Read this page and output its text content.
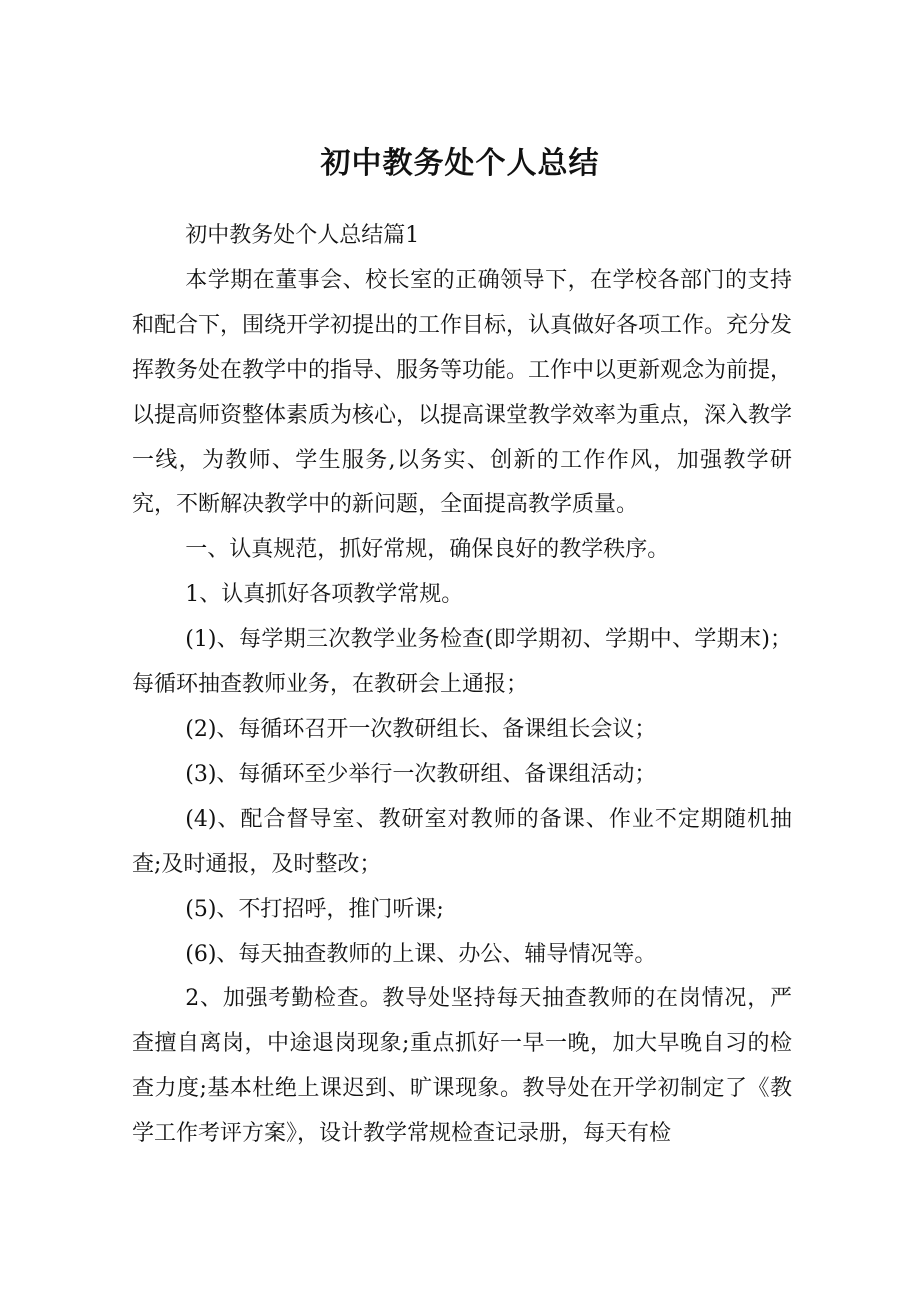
初中教务处个人总结

初中教务处个人总结篇1

本学期在董事会、校长室的正确领导下，在学校各部门的支持和配合下，围绕开学初提出的工作目标，认真做好各项工作。充分发挥教务处在教学中的指导、服务等功能。工作中以更新观念为前提，以提高师资整体素质为核心，以提高课堂教学效率为重点，深入教学一线，为教师、学生服务,以务实、创新的工作作风，加强教学研究，不断解决教学中的新问题，全面提高教学质量。

一、认真规范，抓好常规，确保良好的教学秩序。

1、认真抓好各项教学常规。

(1)、每学期三次教学业务检查(即学期初、学期中、学期末)；每循环抽查教师业务，在教研会上通报；

(2)、每循环召开一次教研组长、备课组长会议；

(3)、每循环至少举行一次教研组、备课组活动；

(4)、配合督导室、教研室对教师的备课、作业不定期随机抽查;及时通报，及时整改；

(5)、不打招呼，推门听课;

(6)、每天抽查教师的上课、办公、辅导情况等。

2、加强考勤检查。教导处坚持每天抽查教师的在岗情况，严查擅自离岗，中途退岗现象;重点抓好一早一晚，加大早晚自习的检查力度;基本杜绝上课迟到、旷课现象。教导处在开学初制定了《教学工作考评方案》，设计教学常规检查记录册，每天有检
